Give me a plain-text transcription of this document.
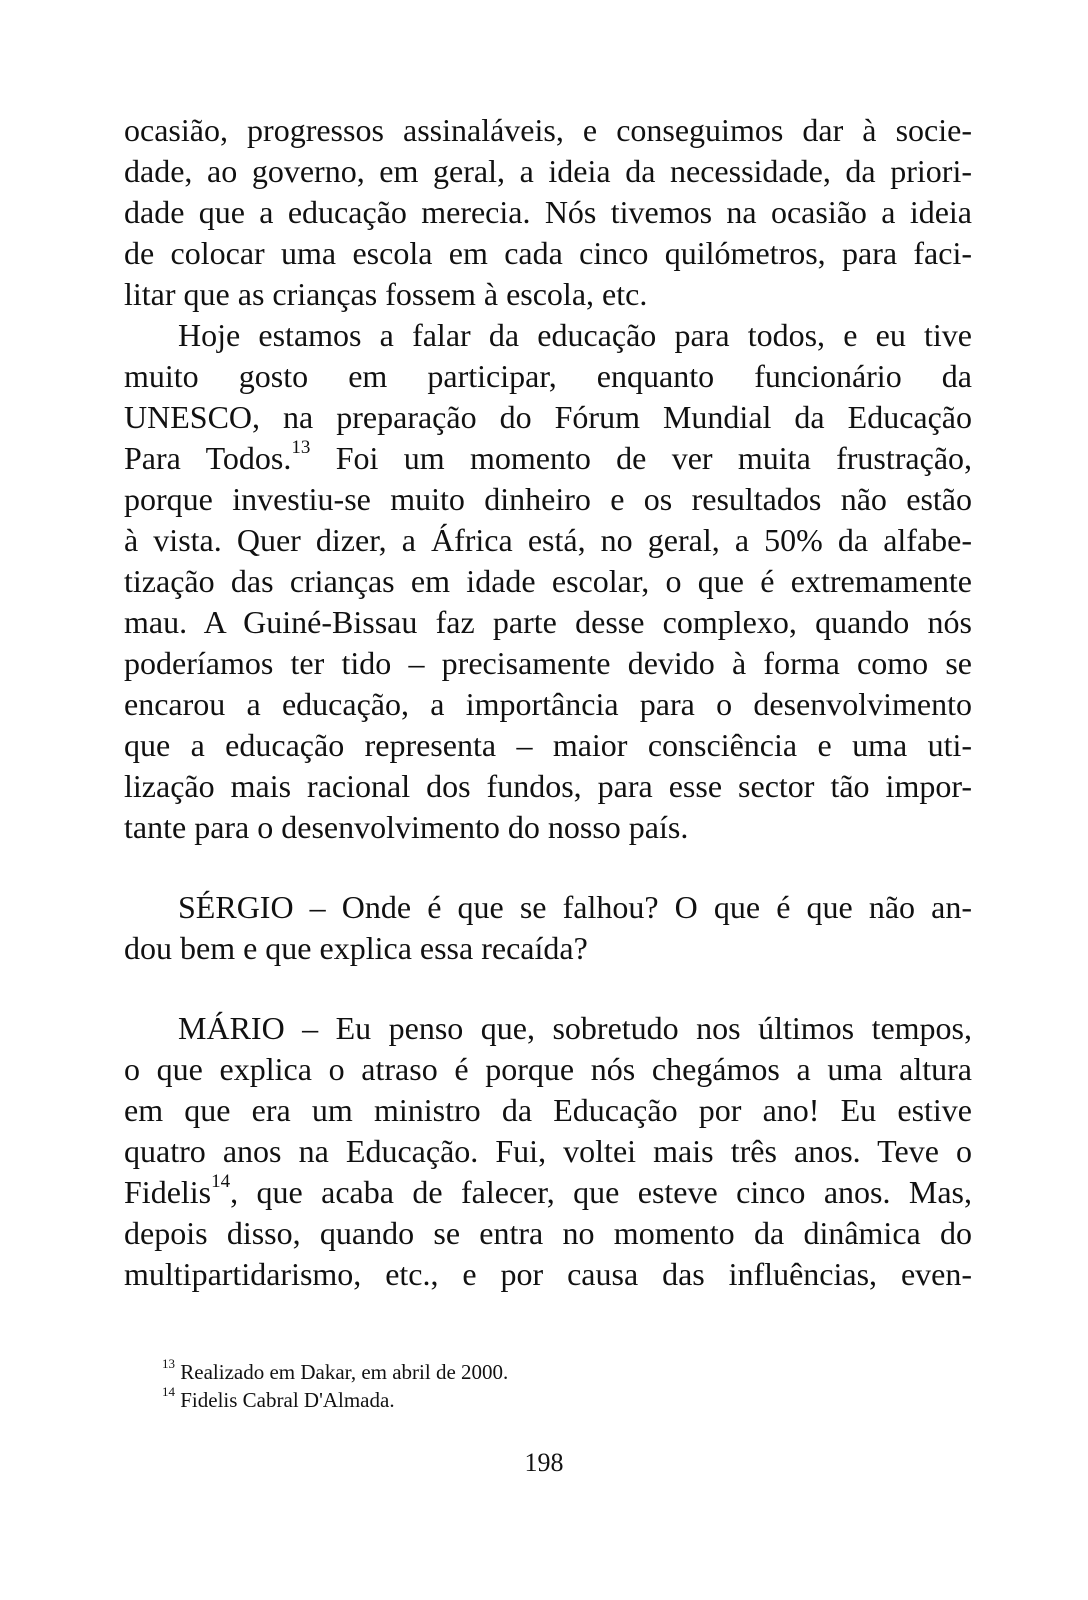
ocasião, progressos assinaláveis, e conseguimos dar à socie-
dade, ao governo, em geral, a ideia da necessidade, da priori-
dade que a educação merecia. Nós tivemos na ocasião a ideia
de colocar uma escola em cada cinco quilómetros, para faci-
litar que as crianças fossem à escola, etc.

Hoje estamos a falar da educação para todos, e eu tive
muito gosto em participar, enquanto funcionário da
UNESCO, na preparação do Fórum Mundial da Educação
Para Todos.$^{13}$ Foi um momento de ver muita frustração,
porque investiu-se muito dinheiro e os resultados não estão
à vista. Quer dizer, a África está, no geral, a 50% da alfabe-
tização das crianças em idade escolar, o que é extremamente
mau. A Guiné-Bissau faz parte desse complexo, quando nós
poderíamos ter tido – precisamente devido à forma como se
encarou a educação, a importância para o desenvolvimento
que a educação representa – maior consciência e uma uti-
lização mais racional dos fundos, para esse sector tão impor-
tante para o desenvolvimento do nosso país.

SÉRGIO – Onde é que se falhou? O que é que não an-
dou bem e que explica essa recaída?

MÁRIO – Eu penso que, sobretudo nos últimos tempos,
o que explica o atraso é porque nós chegámos a uma altura
em que era um ministro da Educação por ano! Eu estive
quatro anos na Educação. Fui, voltei mais três anos. Teve o
Fidelis$^{14}$, que acaba de falecer, que esteve cinco anos. Mas,
depois disso, quando se entra no momento da dinâmica do
multipartidarismo, etc., e por causa das influências, even-

$^{13}$ Realizado em Dakar, em abril de 2000.
$^{14}$ Fidelis Cabral D'Almada.
198
